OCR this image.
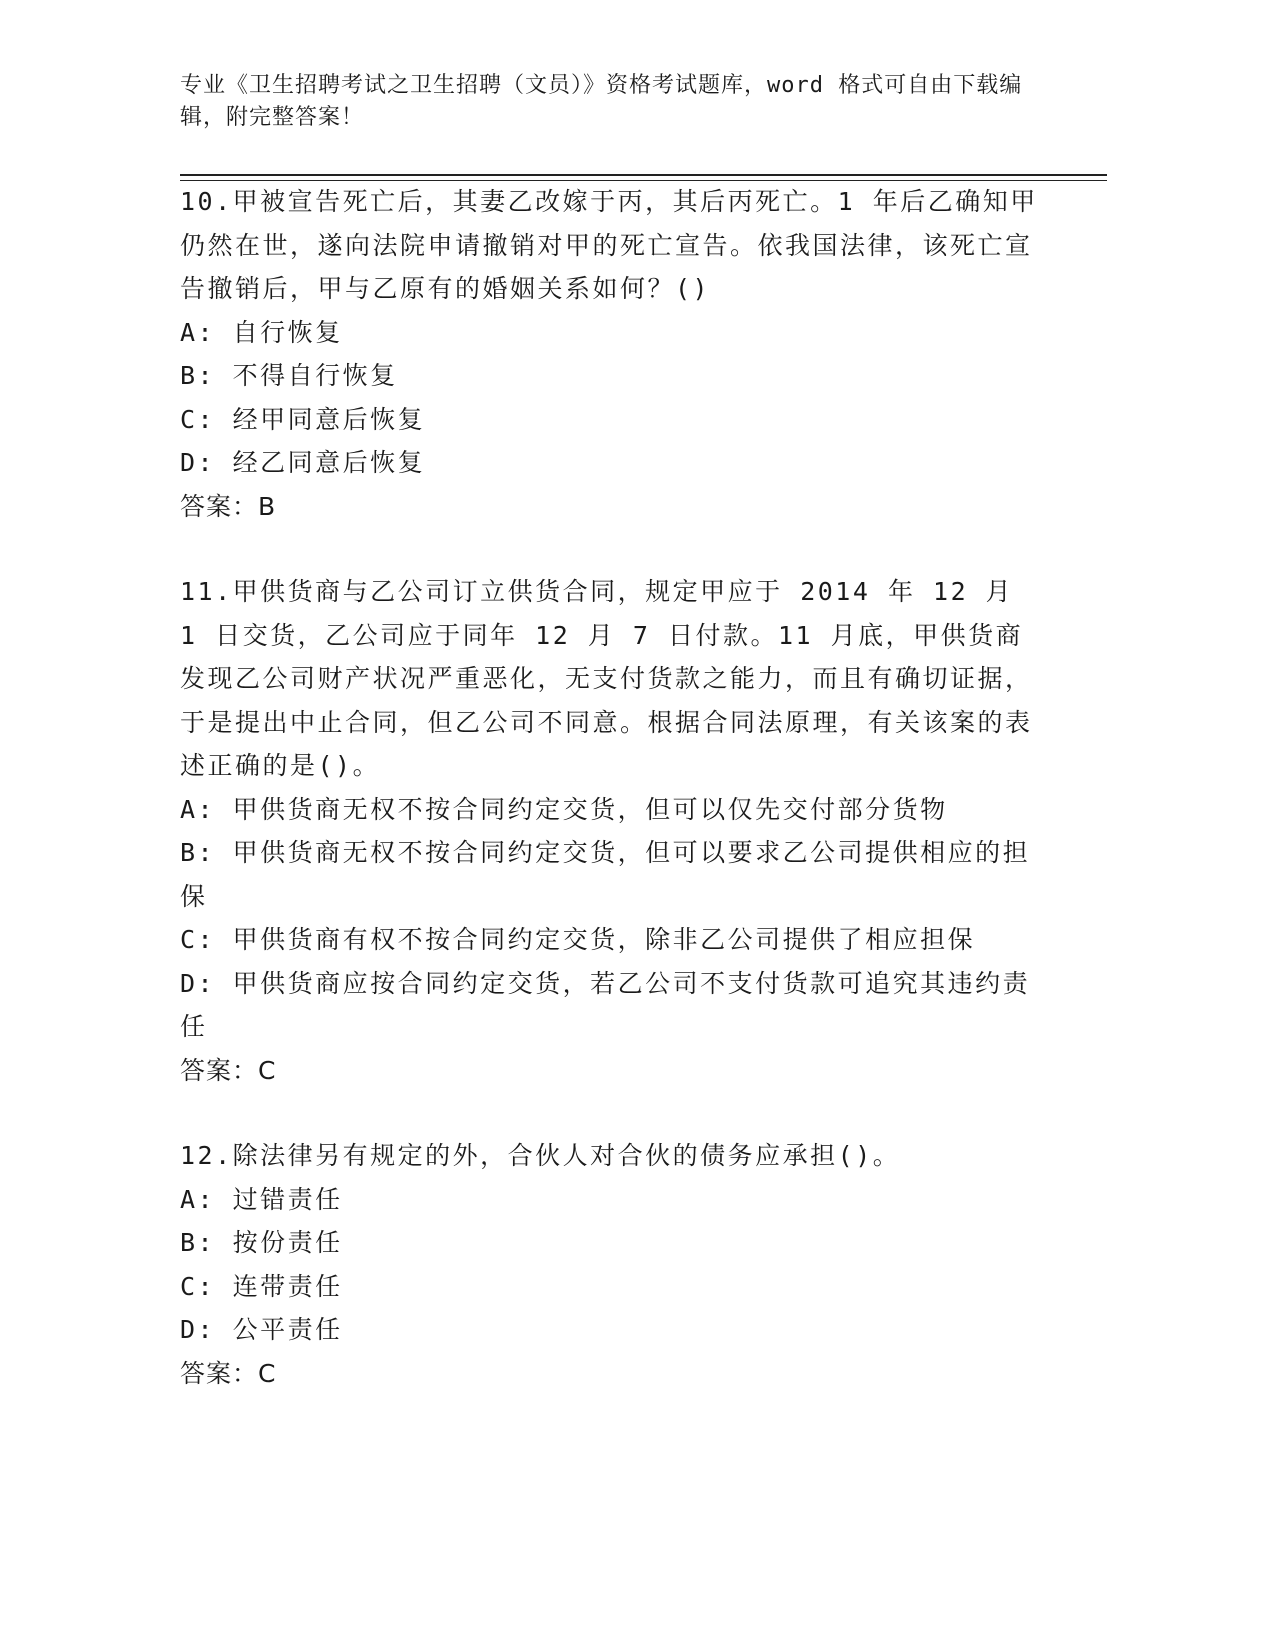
专业《卫生招聘考试之卫生招聘（文员）》资格考试题库，word 格式可自由下载编辑，附完整答案！
10.甲被宣告死亡后，其妻乙改嫁于丙，其后丙死亡。1 年后乙确知甲仍然在世，遂向法院申请撤销对甲的死亡宣告。依我国法律，该死亡宣告撤销后，甲与乙原有的婚姻关系如何？()
A: 自行恢复
B: 不得自行恢复
C: 经甲同意后恢复
D: 经乙同意后恢复
答案：B
11.甲供货商与乙公司订立供货合同，规定甲应于 2014 年 12 月 1 日交货，乙公司应于同年 12 月 7 日付款。11 月底，甲供货商发现乙公司财产状况严重恶化，无支付货款之能力，而且有确切证据，于是提出中止合同，但乙公司不同意。根据合同法原理，有关该案的表述正确的是()。
A: 甲供货商无权不按合同约定交货，但可以仅先交付部分货物
B: 甲供货商无权不按合同约定交货，但可以要求乙公司提供相应的担保
C: 甲供货商有权不按合同约定交货，除非乙公司提供了相应担保
D: 甲供货商应按合同约定交货，若乙公司不支付货款可追究其违约责任
答案：C
12.除法律另有规定的外，合伙人对合伙的债务应承担()。
A: 过错责任
B: 按份责任
C: 连带责任
D: 公平责任
答案：C
